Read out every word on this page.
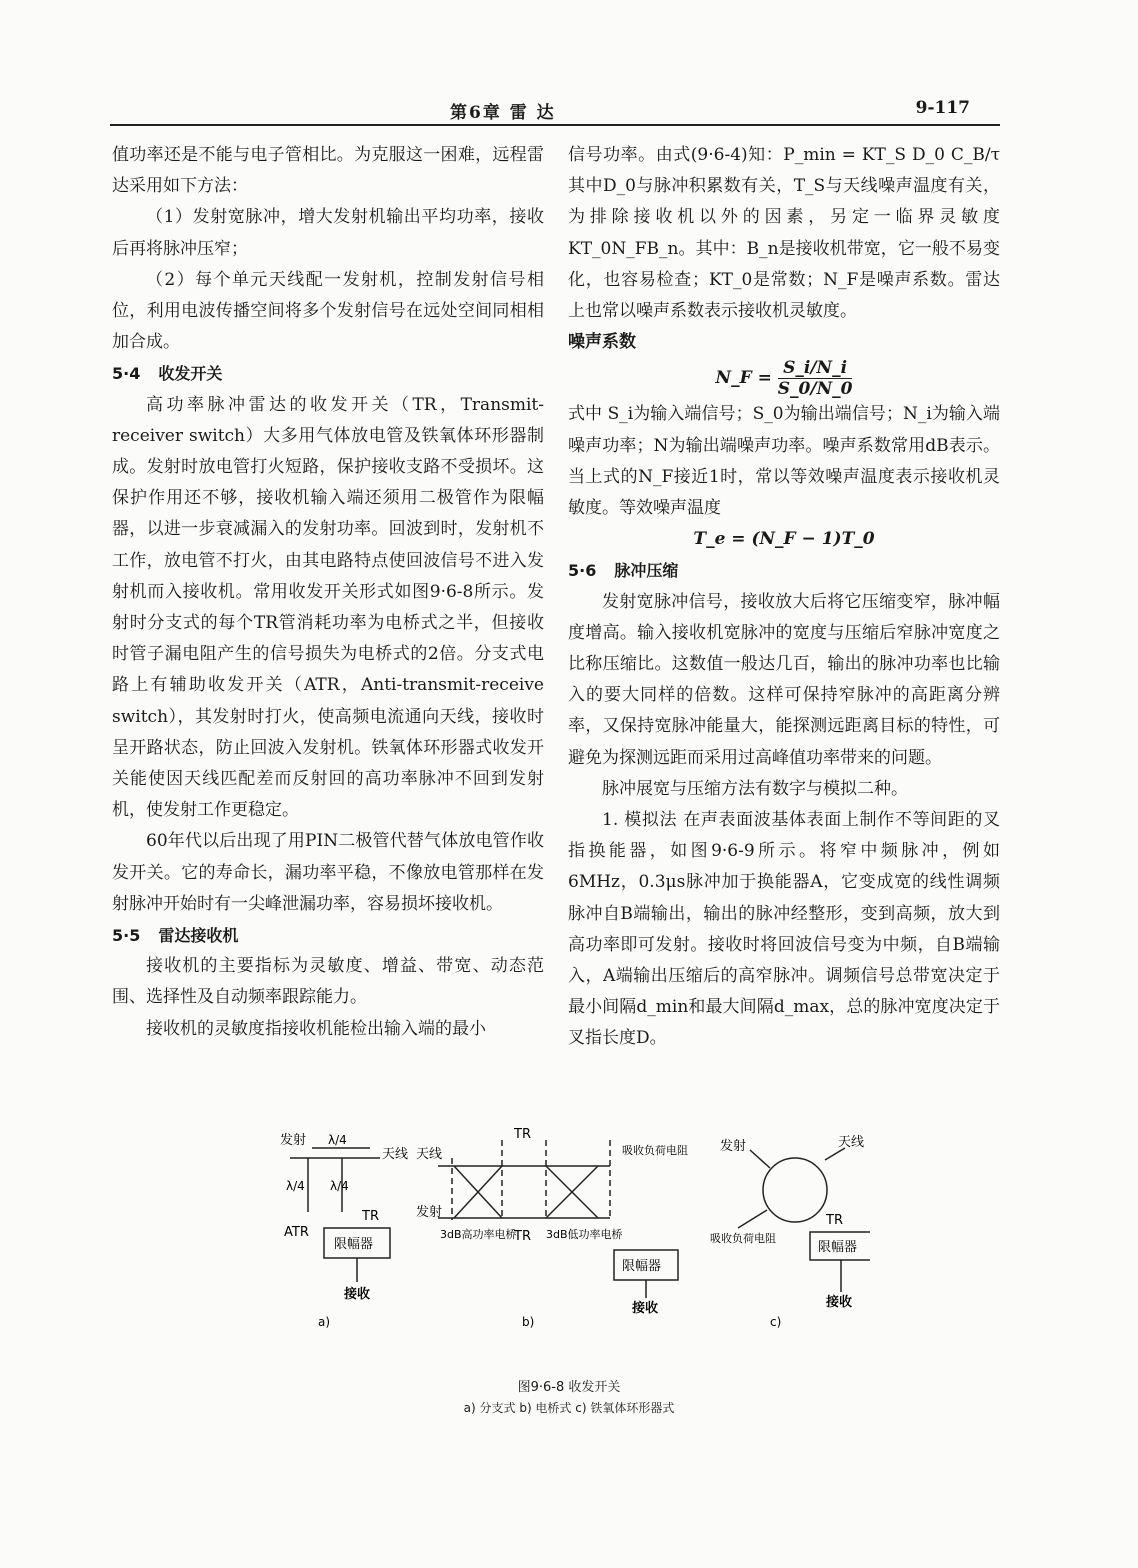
第6章 雷 达	9-117

值功率还是不能与电子管相比。为克服这一困难，远程雷达采用如下方法：

（1）发射宽脉冲，增大发射机输出平均功率，接收后再将脉冲压窄；

（2）每个单元天线配一发射机，控制发射信号相位，利用电波传播空间将多个发射信号在远处空间同相相加合成。

5·4 收发开关

高功率脉冲雷达的收发开关（TR，Transmit-receiver switch）大多用气体放电管及铁氧体环形器制成。发射时放电管打火短路，保护接收支路不受损坏。这保护作用还不够，接收机输入端还须用二极管作为限幅器，以进一步衰减漏入的发射功率。回波到时，发射机不工作，放电管不打火，由其电路特点使回波信号不进入发射机而入接收机。常用收发开关形式如图9·6-8所示。发射时分支式的每个TR管消耗功率为电桥式之半，但接收时管子漏电阻产生的信号损失为电桥式的2倍。分支式电路上有辅助收发开关（ATR，Anti-transmit-receive switch），其发射时打火，使高频电流通向天线，接收时呈开路状态，防止回波入发射机。铁氧体环形器式收发开关能使因天线匹配差而反射回的高功率脉冲不回到发射机，使发射工作更稳定。

60年代以后出现了用PIN二极管代替气体放电管作收发开关。它的寿命长，漏功率平稳，不像放电管那样在发射脉冲开始时有一尖峰泄漏功率，容易损坏接收机。

5·5 雷达接收机

接收机的主要指标为灵敏度、增益、带宽、动态范围、选择性及自动频率跟踪能力。

接收机的灵敏度指接收机能检出输入端的最小

信号功率。由式(9·6-4)知：P_min = KT_S D_0 C_B/τ 其中D_0与脉冲积累数有关，T_S与天线噪声温度有关，为排除接收机以外的因素，另定一临界灵敏度KT_0N_FB_n。其中：B_n是接收机带宽，它一般不易变化，也容易检查；KT_0是常数；N_F是噪声系数。雷达上也常以噪声系数表示接收机灵敏度。

噪声系数

N_F = $\frac{S\_i/N\_i}{S\_0/N\_0}$

式中 S_i为输入端信号；S_0为输出端信号；N_i为输入端噪声功率；N为输出端噪声功率。噪声系数常用dB表示。当上式的N_F接近1时，常以等效噪声温度表示接收机灵敏度。等效噪声温度

T_e = (N_F − 1)T_0

5·6 脉冲压缩

发射宽脉冲信号，接收放大后将它压缩变窄，脉冲幅度增高。输入接收机宽脉冲的宽度与压缩后窄脉冲宽度之比称压缩比。这数值一般达几百，输出的脉冲功率也比输入的要大同样的倍数。这样可保持窄脉冲的高距离分辨率，又保持宽脉冲能量大，能探测远距离目标的特性，可避免为探测远距而采用过高峰值功率带来的问题。

脉冲展宽与压缩方法有数字与模拟二种。

1. 模拟法 在声表面波基体表面上制作不等间距的叉指换能器，如图9·6-9所示。将窄中频脉冲，例如6MHz，0.3μs脉冲加于换能器A，它变成宽的线性调频脉冲自B端输出，输出的脉冲经整形，变到高频，放大到高功率即可发射。接收时将回波信号变为中频，自B端输入，A端输出压缩后的高窄脉冲。调频信号总带宽决定于最小间隔d_min和最大间隔d_max，总的脉冲宽度决定于叉指长度D。

发射 λ/4
天线
λ/4 λ/4
ATR
TR
限幅器
接收
a)
天线
发射
TR
TR
3dB高功率电桥	3dB低功率电桥
吸收负荷电阻
限幅器
接收
b)
发射	天线
TR
吸收负荷电阻
限幅器
接收
c)
图9·6-8 收发开关
a) 分支式 b) 电桥式 c) 铁氧体环形器式
